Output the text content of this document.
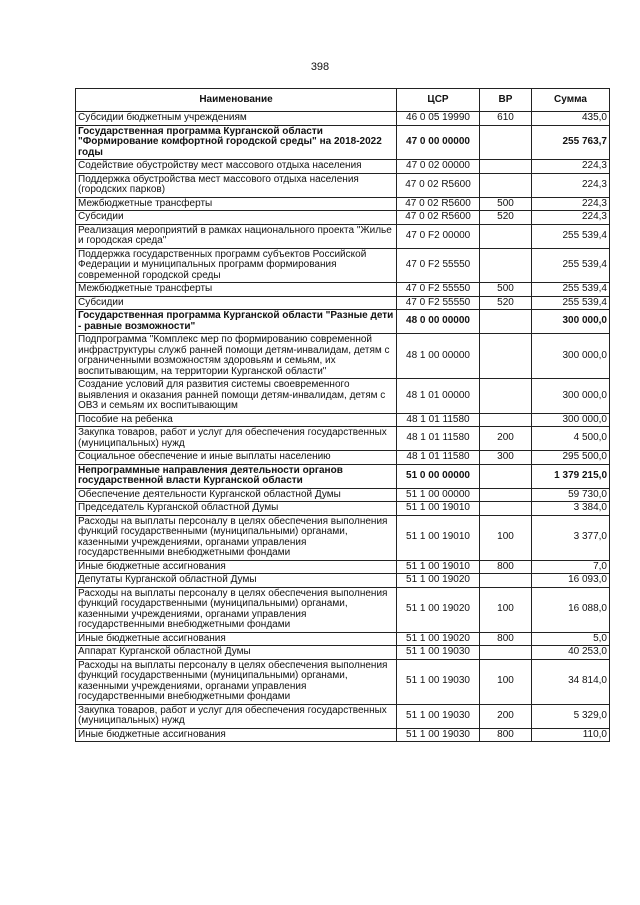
398
Наименование	ЦСР	ВР	Сумма
Субсидии бюджетным учреждениям	46 0 05 19990	610	435,0
Государственная программа Курганской области "Формирование комфортной городской среды" на 2018-2022 годы	47 0 00 00000		255 763,7
Содействие обустройству мест массового отдыха населения	47 0 02 00000		224,3
Поддержка обустройства мест массового отдыха населения (городских парков)	47 0 02 R5600		224,3
Межбюджетные трансферты	47 0 02 R5600	500	224,3
Субсидии	47 0 02 R5600	520	224,3
Реализация мероприятий в рамках национального проекта "Жилье и городская среда"	47 0 F2 00000		255 539,4
Поддержка государственных программ субъектов Российской Федерации и муниципальных программ формирования современной городской среды	47 0 F2 55550		255 539,4
Межбюджетные трансферты	47 0 F2 55550	500	255 539,4
Субсидии	47 0 F2 55550	520	255 539,4
Государственная программа Курганской области "Разные дети - равные возможности"	48 0 00 00000		300 000,0
Подпрограмма "Комплекс мер по формированию современной инфраструктуры служб ранней помощи детям-инвалидам, детям с ограниченными возможностям здоровьям и семьям, их воспитывающим, на территории Курганской области"	48 1 00 00000		300 000,0
Создание условий для развития системы своевременного выявления и оказания ранней помощи детям-инвалидам, детям с ОВЗ и семьям их воспитывающим	48 1 01 00000		300 000,0
Пособие на ребенка	48 1 01 11580		300 000,0
Закупка товаров, работ и услуг для обеспечения государственных (муниципальных) нужд	48 1 01 11580	200	4 500,0
Социальное обеспечение и иные выплаты населению	48 1 01 11580	300	295 500,0
Непрограммные направления деятельности органов государственной власти Курганской области	51 0 00 00000		1 379 215,0
Обеспечение деятельности Курганской областной Думы	51 1 00 00000		59 730,0
Председатель Курганской областной Думы	51 1 00 19010		3 384,0
Расходы на выплаты персоналу в целях обеспечения выполнения функций государственными (муниципальными) органами, казенными учреждениями, органами управления государственными внебюджетными фондами	51 1 00 19010	100	3 377,0
Иные бюджетные ассигнования	51 1 00 19010	800	7,0
Депутаты Курганской областной Думы	51 1 00 19020		16 093,0
Расходы на выплаты персоналу в целях обеспечения выполнения функций государственными (муниципальными) органами, казенными учреждениями, органами управления государственными внебюджетными фондами	51 1 00 19020	100	16 088,0
Иные бюджетные ассигнования	51 1 00 19020	800	5,0
Аппарат Курганской областной Думы	51 1 00 19030		40 253,0
Расходы на выплаты персоналу в целях обеспечения выполнения функций государственными (муниципальными) органами, казенными учреждениями, органами управления государственными внебюджетными фондами	51 1 00 19030	100	34 814,0
Закупка товаров, работ и услуг для обеспечения государственных (муниципальных) нужд	51 1 00 19030	200	5 329,0
Иные бюджетные ассигнования	51 1 00 19030	800	110,0
